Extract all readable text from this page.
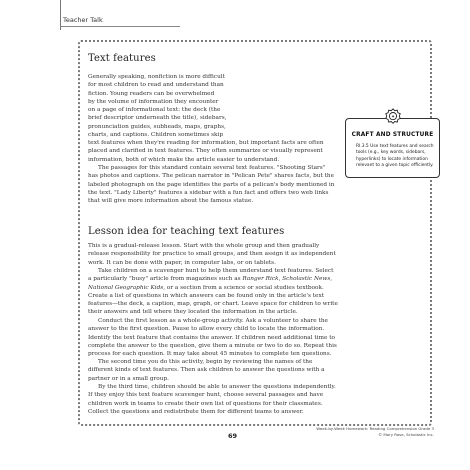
Teacher Talk
Text features

Generally speaking, nonfiction is more difficult
for most children to read and understand than
fiction. Young readers can be overwhelmed
by the volume of information they encounter
on a page of informational text: the deck (the
brief descriptor underneath the title), sidebars,
pronunciation guides, subheads, maps, graphs,
charts, and captions. Children sometimes skip
text features when they're reading for information, but important facts are often
placed and clarified in text features. They often summarize or visually represent
information, both of which make the article easier to understand.

The passages for this standard contain several text features. "Shooting Stars"
has photos and captions. The pelican narrator in "Pelican Pete" shares facts, but the
labeled photograph on the page identifies the parts of a pelican's body mentioned in
the text. "Lady Liberty" features a sidebar with a fun fact and offers two web links
that will give more information about the famous statue.

Lesson idea for teaching text features

This is a gradual-release lesson. Start with the whole group and then gradually
release responsibility for practice to small groups, and then assign it as independent
work. It can be done with paper, in computer labs, or on tablets.

Take children on a scavenger hunt to help them understand text features. Select
a particularly "busy" article from magazines such as Ranger Rick, Scholastic News,
National Geographic Kids, or a section from a science or social studies textbook.
Create a list of questions in which answers can be found only in the article's text
features—the deck, a caption, map, graph, or chart. Leave space for children to write
their answers and tell where they located the information in the article.

Conduct the first lesson as a whole-group activity. Ask a volunteer to share the
answer to the first question. Pause to allow every child to locate the information.
Identify the text feature that contains the answer. If children need additional time to
complete the answer to the question, give them a minute or two to do so. Repeat this
process for each question. It may take about 45 minutes to complete ten questions.

The second time you do this activity, begin by reviewing the names of the
different kinds of text features. Then ask children to answer the questions with a
partner or in a small group.

By the third time, children should be able to answer the questions independently.
If they enjoy this text feature scavenger hunt, choose several passages and have
children work in teams to create their own list of questions for their classmates.
Collect the questions and redistribute them for different teams to answer.

CRAFT AND STRUCTURE
RI.3.5 Use text features and search
tools (e.g., key words, sidebars,
hyperlinks) to locate information
relevant to a given topic efficiently.
✦
69
Week-by-Week Homework: Reading Comprehension Grade 3
© Mary Rose, Scholastic Inc.
